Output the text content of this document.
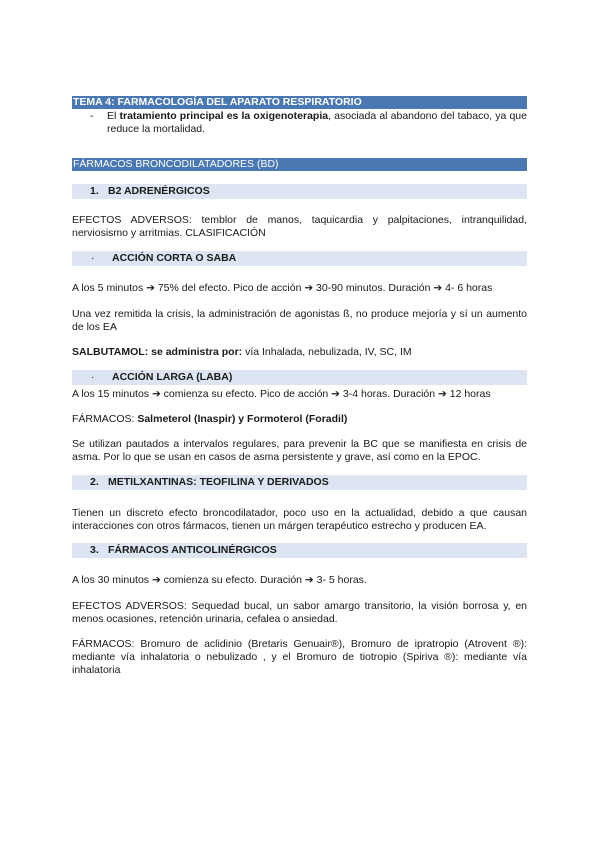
TEMA 4: FARMACOLOGÍA DEL APARATO RESPIRATORIO
- El tratamiento principal es la oxigenoterapia, asociada al abandono del tabaco, ya que reduce la mortalidad.
FÁRMACOS BRONCODILATADORES (BD)
1. B2 ADRENÉRGICOS
EFECTOS ADVERSOS: temblor de manos, taquicardia y palpitaciones, intranquilidad, nerviosismo y arritmias. CLASIFICACIÓN
· ACCIÓN CORTA O SABA
A los 5 minutos ➔ 75% del efecto. Pico de acción ➔ 30-90 minutos. Duración ➔ 4- 6 horas
Una vez remitida la crisis, la administración de agonistas ß, no produce mejoría y sí un aumento de los EA
SALBUTAMOL: se administra por: vía Inhalada, nebulizada, IV, SC, IM
· ACCIÓN LARGA (LABA)
A los 15 minutos ➔ comienza su efecto. Pico de acción ➔ 3-4 horas. Duración ➔ 12 horas
FÁRMACOS: Salmeterol (Inaspir) y Formoterol (Foradil)
Se utilizan pautados a intervalos regulares, para prevenir la BC que se manifiesta en crisis de asma. Por lo que se usan en casos de asma persistente y grave, así como en la EPOC.
2. METILXANTINAS: TEOFILINA Y DERIVADOS
Tienen un discreto efecto broncodilatador, poco uso en la actualidad, debido a que causan interacciones con otros fármacos, tienen un márgen terapéutico estrecho y producen EA.
3. FÁRMACOS ANTICOLINÉRGICOS
A los 30 minutos ➔ comienza su efecto. Duración ➔ 3- 5 horas.
EFECTOS ADVERSOS: Sequedad bucal, un sabor amargo transitorio, la visión borrosa y, en menos ocasiones, retención urinaria, cefalea o ansiedad.
FÁRMACOS: Bromuro de aclidinio (Bretaris Genuair®), Bromuro de ipratropio (Atrovent ®): mediante vía inhalatoria o nebulizado , y el Bromuro de tiotropio (Spiriva ®): mediante vía inhalatoria
